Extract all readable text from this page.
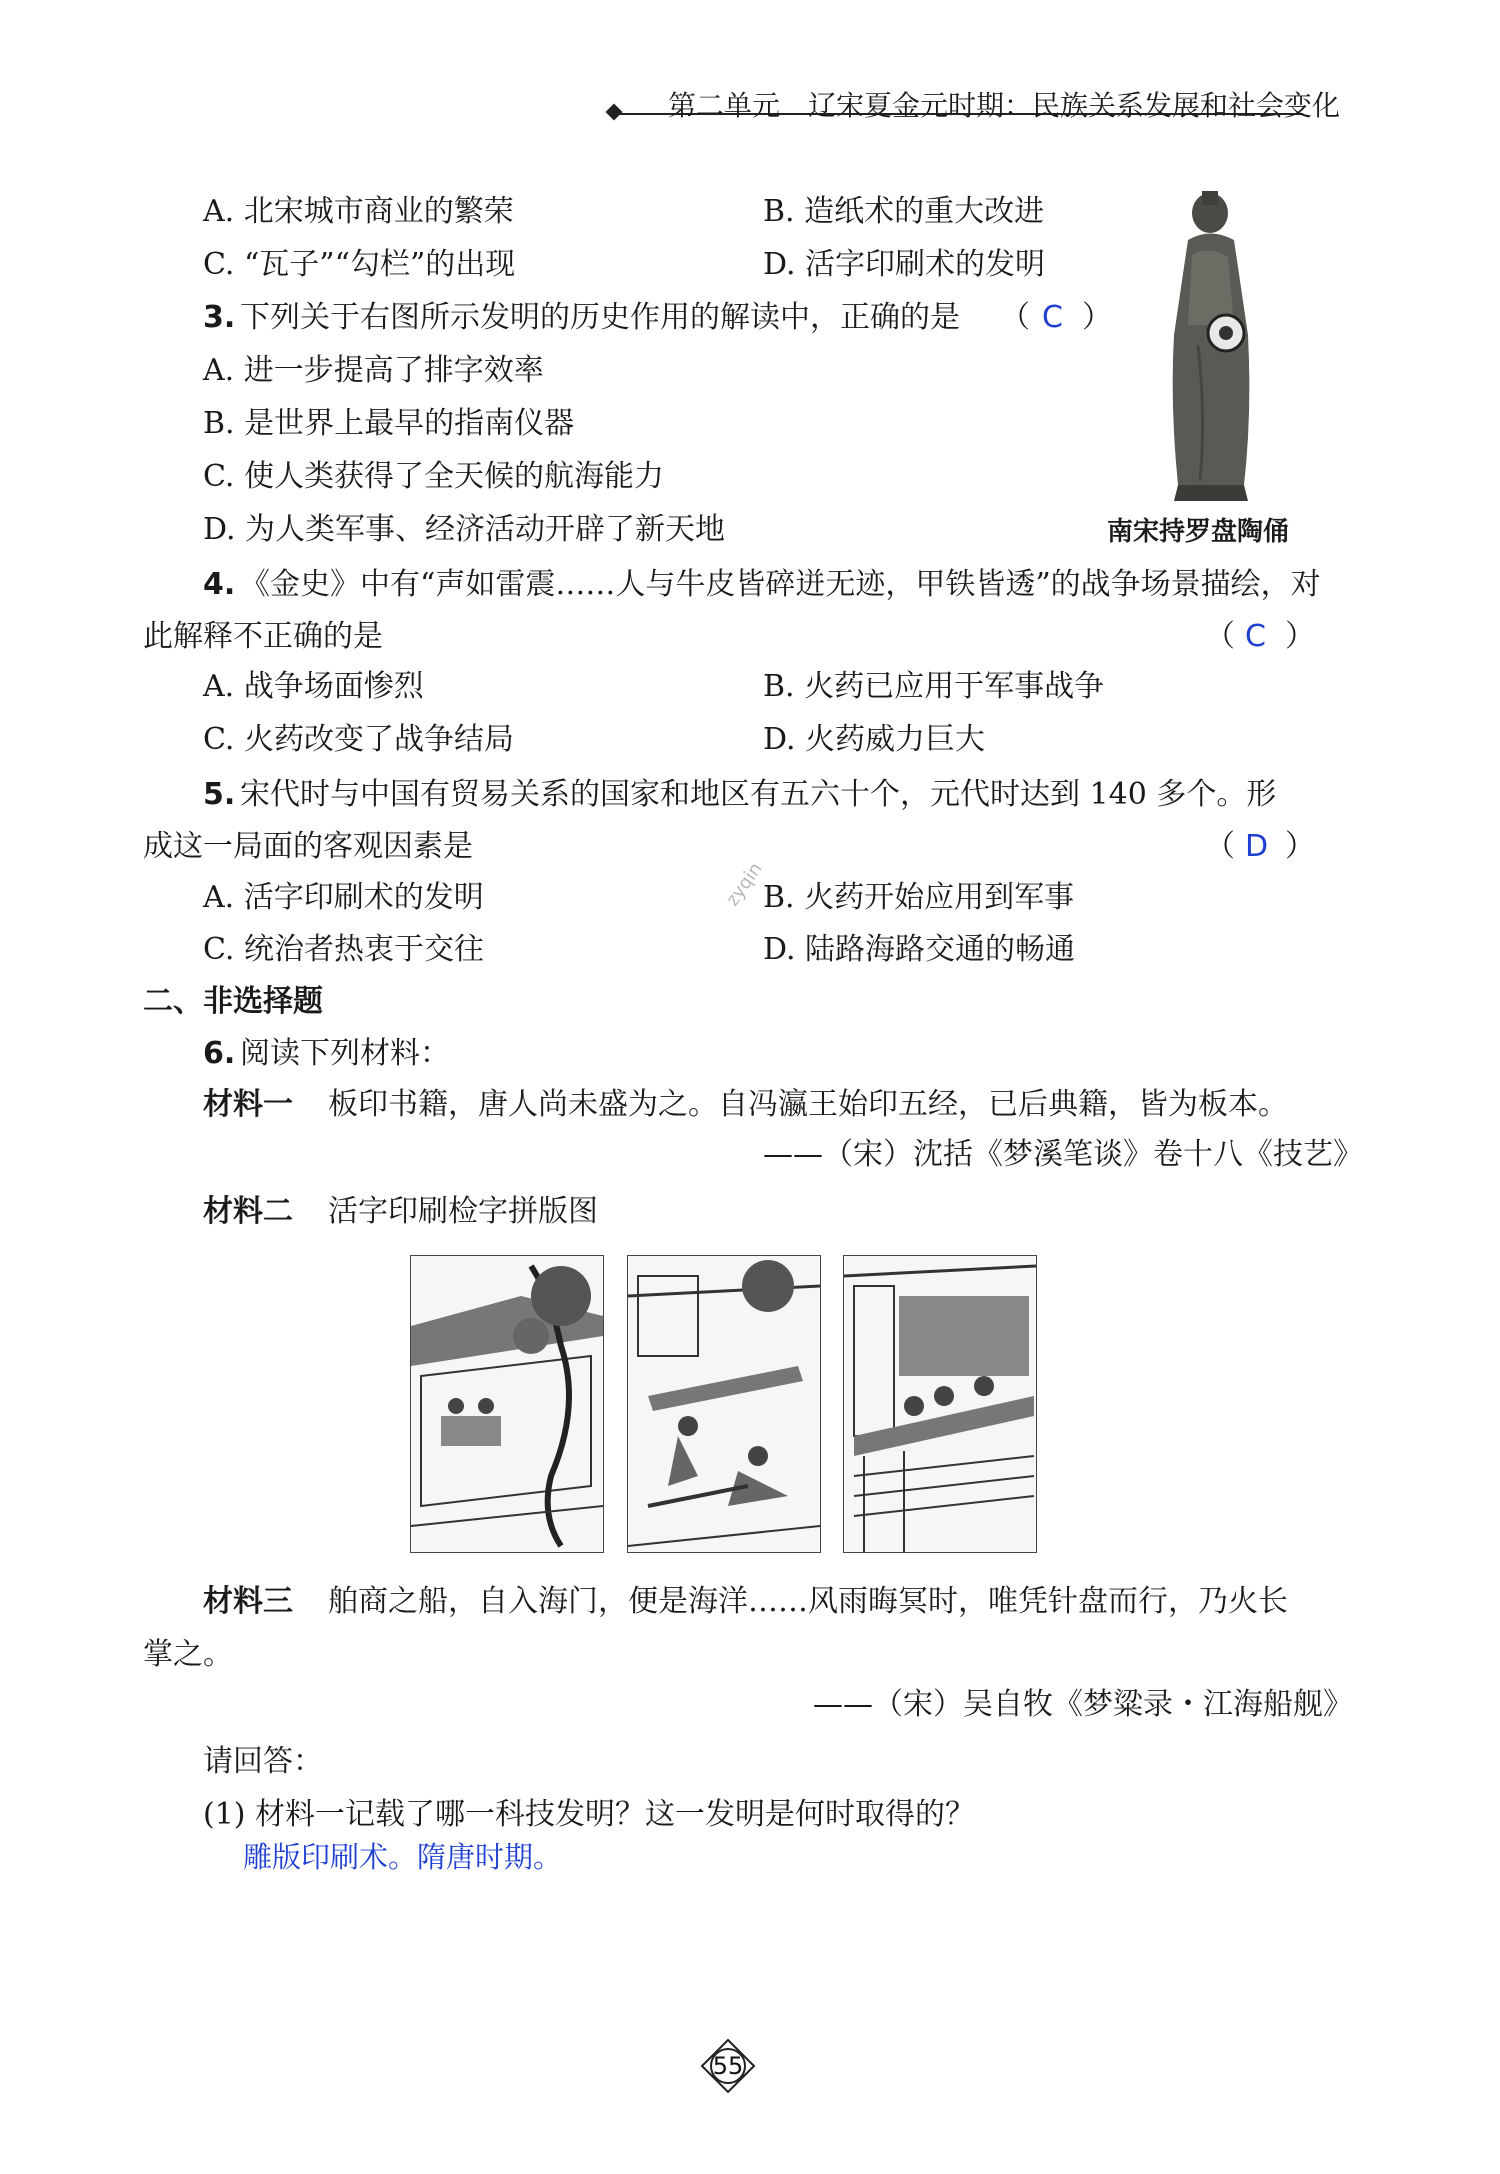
第二单元　辽宋夏金元时期：民族关系发展和社会变化
A. 北宋城市商业的繁荣	B. 造纸术的重大改进
C. “瓦子”“勾栏”的出现	D. 活字印刷术的发明
3. 下列关于右图所示发明的历史作用的解读中，正确的是 （ C ）
A. 进一步提高了排字效率
B. 是世界上最早的指南仪器
C. 使人类获得了全天候的航海能力
D. 为人类军事、经济活动开辟了新天地	南宋持罗盘陶俑
4. 《金史》中有“声如雷震……人与牛皮皆碎迸无迹，甲铁皆透”的战争场景描绘，对
此解释不正确的是	（ C ）
A. 战争场面惨烈	B. 火药已应用于军事战争
C. 火药改变了战争结局	D. 火药威力巨大
5. 宋代时与中国有贸易关系的国家和地区有五六十个，元代时达到 140 多个。形
成这一局面的客观因素是	（ D ）
A. 活字印刷术的发明	B. 火药开始应用到军事
C. 统治者热衷于交往	D. 陆路海路交通的畅通
zyqin
二、非选择题
6. 阅读下列材料：
材料一 板印书籍，唐人尚未盛为之。自冯瀛王始印五经，已后典籍，皆为板本。
——（宋）沈括《梦溪笔谈》卷十八《技艺》
材料二 活字印刷检字拼版图
材料三 舶商之船，自入海门，便是海洋……风雨晦冥时，唯凭针盘而行，乃火长
掌之。
——（宋）吴自牧《梦粱录・江海船舰》
请回答：
(1) 材料一记载了哪一科技发明？这一发明是何时取得的？
雕版印刷术。隋唐时期。
55
